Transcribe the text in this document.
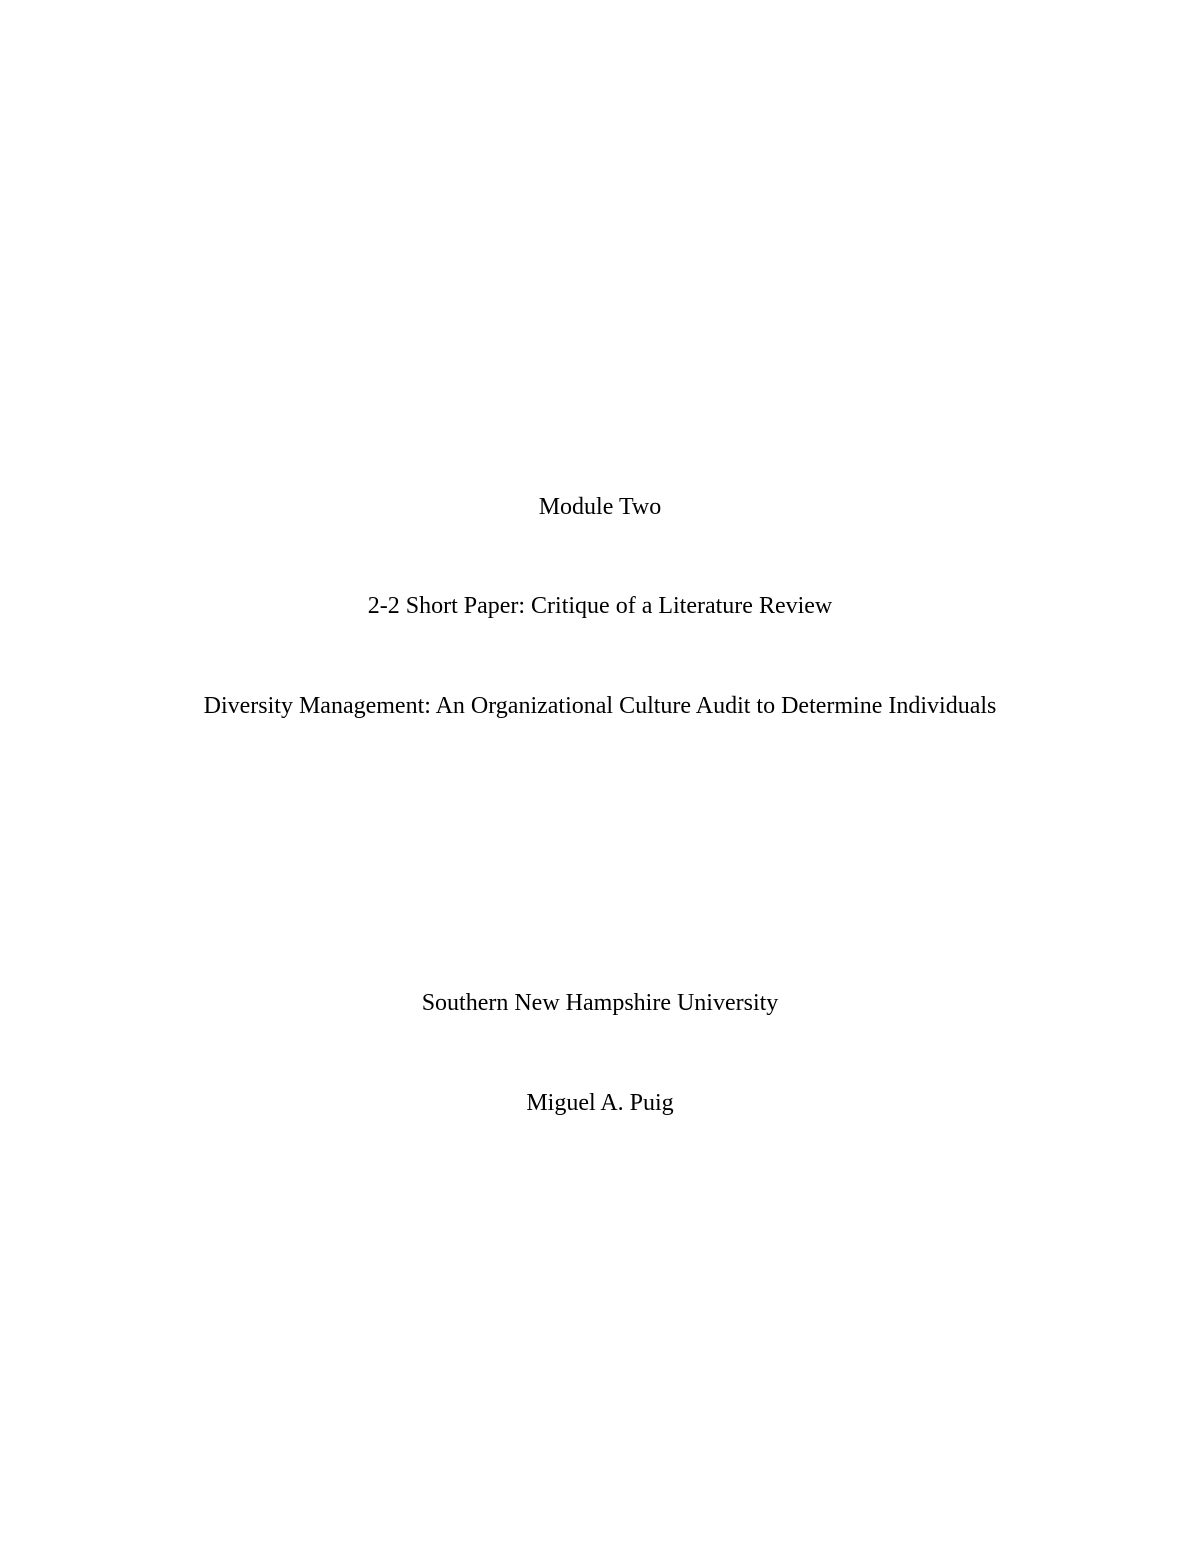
Module Two
2-2 Short Paper: Critique of a Literature Review
Diversity Management: An Organizational Culture Audit to Determine Individuals
Southern New Hampshire University
Miguel A. Puig
